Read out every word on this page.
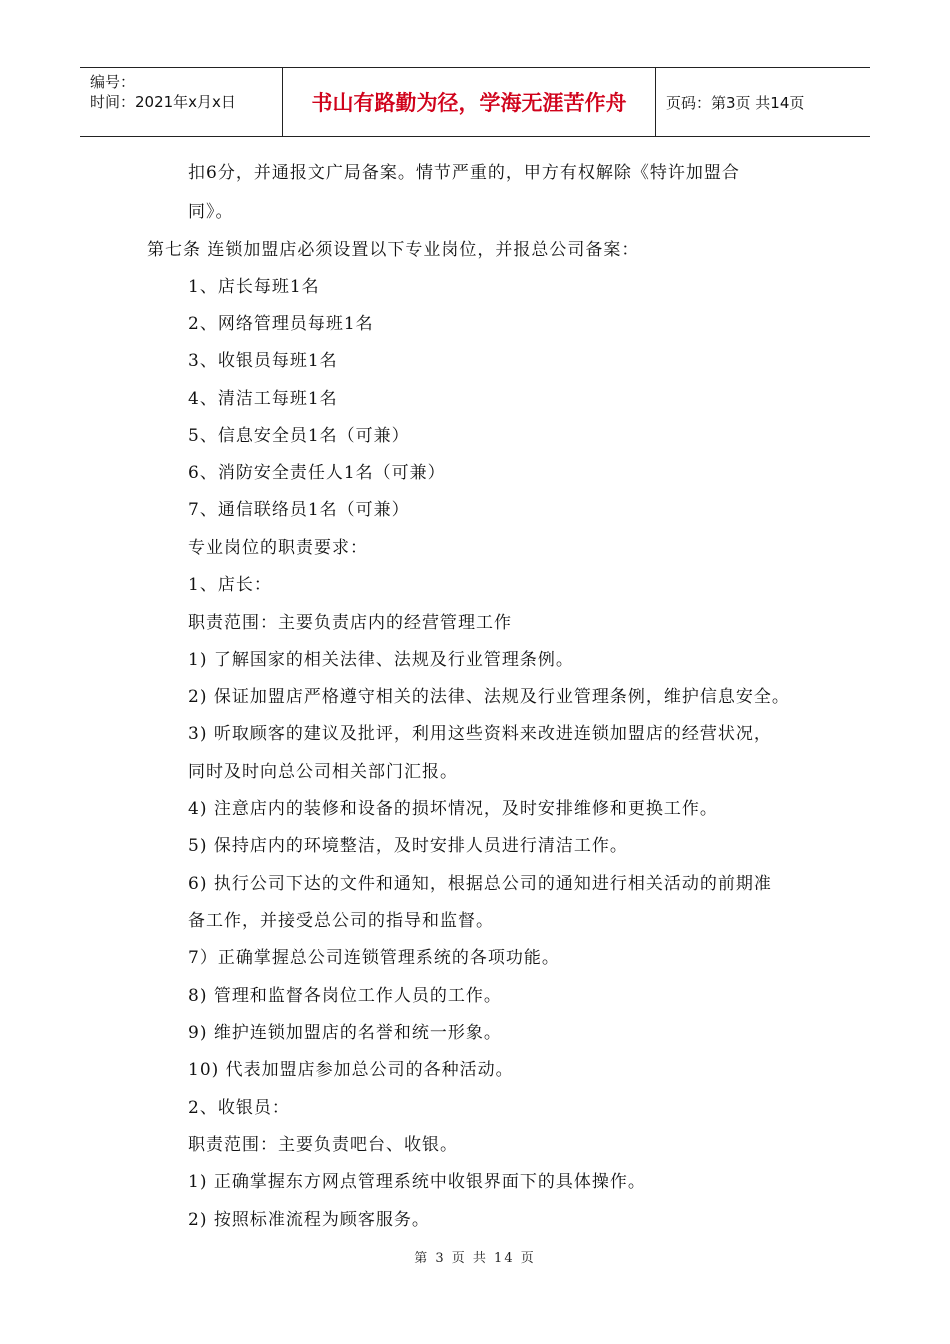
编号：
时间：2021年x月x日	书山有路勤为径，学海无涯苦作舟	页码：第3页 共14页
扣6分，并通报文广局备案。情节严重的，甲方有权解除《特许加盟合
同》。
第七条 连锁加盟店必须设置以下专业岗位，并报总公司备案：
1、店长每班1名
2、网络管理员每班1名
3、收银员每班1名
4、清洁工每班1名
5、信息安全员1名（可兼）
6、消防安全责任人1名（可兼）
7、通信联络员1名（可兼）
专业岗位的职责要求：
1、店长：
职责范围：主要负责店内的经营管理工作
1) 了解国家的相关法律、法规及行业管理条例。
2) 保证加盟店严格遵守相关的法律、法规及行业管理条例，维护信息安全。
3) 听取顾客的建议及批评，利用这些资料来改进连锁加盟店的经营状况，
同时及时向总公司相关部门汇报。
4) 注意店内的装修和设备的损坏情况，及时安排维修和更换工作。
5) 保持店内的环境整洁，及时安排人员进行清洁工作。
6) 执行公司下达的文件和通知，根据总公司的通知进行相关活动的前期准
备工作，并接受总公司的指导和监督。
7）正确掌握总公司连锁管理系统的各项功能。
8) 管理和监督各岗位工作人员的工作。
9) 维护连锁加盟店的名誉和统一形象。
10) 代表加盟店参加总公司的各种活动。
2、收银员：
职责范围：主要负责吧台、收银。
1) 正确掌握东方网点管理系统中收银界面下的具体操作。
2) 按照标准流程为顾客服务。
第 3 页 共 14 页
